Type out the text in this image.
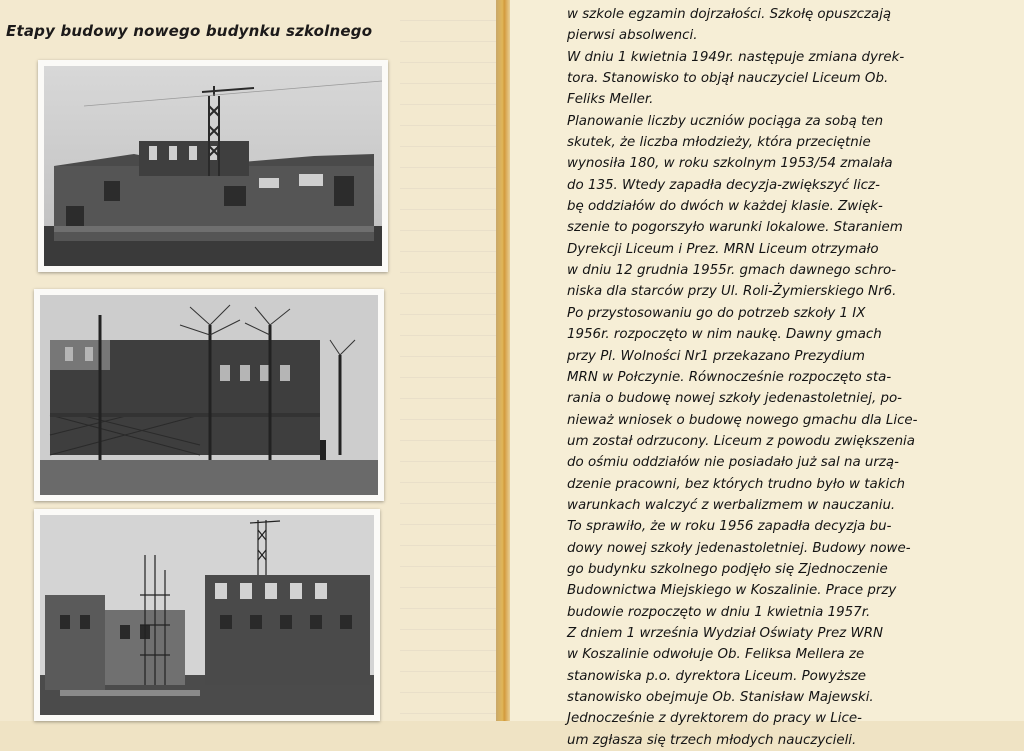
Etapy budowy nowego budynku szkolnego
w szkole egzamin dojrzałości. Szkołę opuszczają
pierwsi absolwenci.
W dniu 1 kwietnia 1949r. następuje zmiana dyrek-
tora. Stanowisko to objął nauczyciel Liceum Ob.
Feliks Meller.
Planowanie liczby uczniów pociąga za sobą ten
skutek, że liczba młodzieży, która przeciętnie
wynosiła 180, w roku szkolnym 1953/54 zmalała
do 135. Wtedy zapadła decyzja-zwiększyć licz-
bę oddziałów do dwóch w każdej klasie. Zwięk-
szenie to pogorszyło warunki lokalowe. Staraniem
Dyrekcji Liceum i Prez. MRN Liceum otrzymało
w dniu 12 grudnia 1955r. gmach dawnego schro-
niska dla starców przy Ul. Roli-Żymierskiego Nr6.
Po przystosowaniu go do potrzeb szkoły 1 IX
1956r. rozpoczęto w nim naukę. Dawny gmach
przy Pl. Wolności Nr1 przekazano Prezydium
MRN w Połczynie. Równocześnie rozpoczęto sta-
rania o budowę nowej szkoły jedenastoletniej, po-
nieważ wniosek o budowę nowego gmachu dla Lice-
um został odrzucony. Liceum z powodu zwiększenia
do ośmiu oddziałów nie posiadało już sal na urzą-
dzenie pracowni, bez których trudno było w takich
warunkach walczyć z werbalizmem w nauczaniu.
To sprawiło, że w roku 1956 zapadła decyzja bu-
dowy nowej szkoły jedenastoletniej. Budowy nowe-
go budynku szkolnego podjęło się Zjednoczenie
Budownictwa Miejskiego w Koszalinie. Prace przy
budowie rozpoczęto w dniu 1 kwietnia 1957r.
Z dniem 1 września Wydział Oświaty Prez WRN
w Koszalinie odwołuje Ob. Feliksa Mellera ze
stanowiska p.o. dyrektora Liceum. Powyższe
stanowisko obejmuje Ob. Stanisław Majewski.
Jednocześnie z dyrektorem do pracy w Lice-
um zgłasza się trzech młodych nauczycieli.
